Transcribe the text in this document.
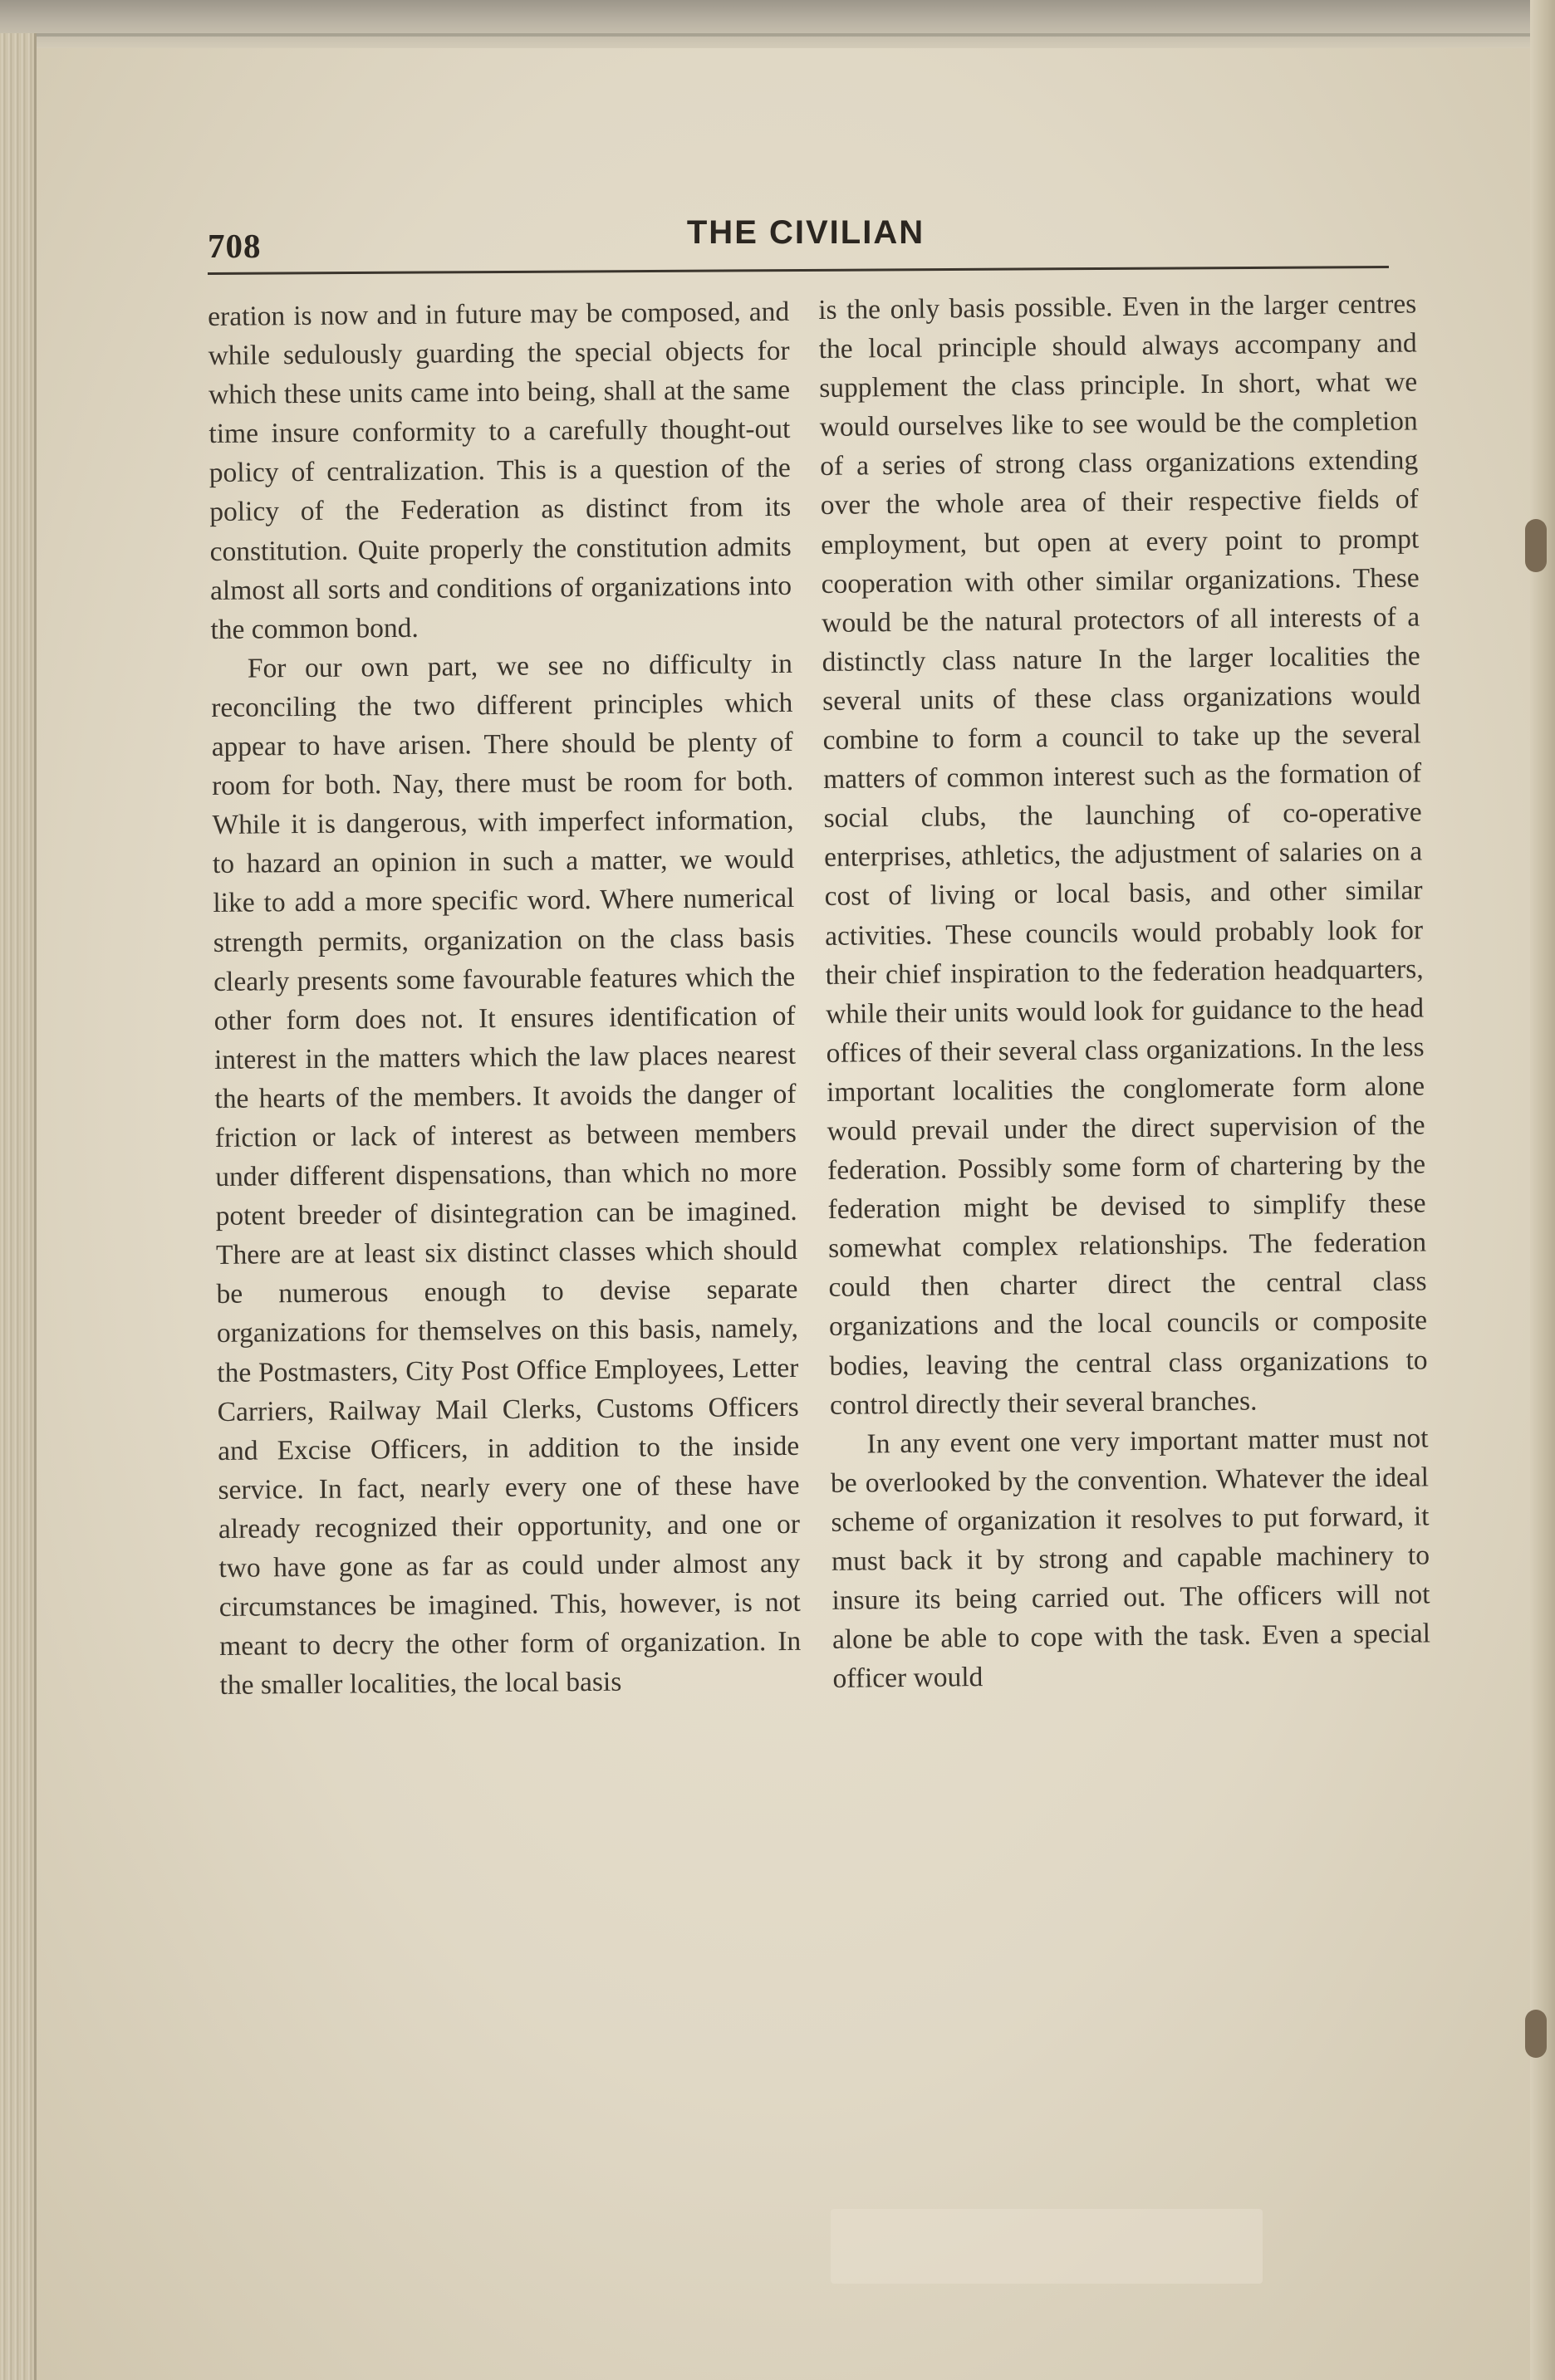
708	THE CIVILIAN

eration is now and in future may be composed, and while sedulously guarding the special objects for which these units came into being, shall at the same time insure conformity to a carefully thought-out policy of centralization. This is a question of the policy of the Federation as distinct from its constitution. Quite properly the constitution admits almost all sorts and conditions of organizations into the common bond.

For our own part, we see no difficulty in reconciling the two different principles which appear to have arisen. There should be plenty of room for both. Nay, there must be room for both. While it is dangerous, with imperfect information, to hazard an opinion in such a matter, we would like to add a more specific word. Where numerical strength permits, organization on the class basis clearly presents some favourable features which the other form does not. It ensures identification of interest in the matters which the law places nearest the hearts of the members. It avoids the danger of friction or lack of interest as between members under different dispensations, than which no more potent breeder of disintegration can be imagined. There are at least six distinct classes which should be numerous enough to devise separate organizations for themselves on this basis, namely, the Postmasters, City Post Office Employees, Letter Carriers, Railway Mail Clerks, Customs Officers and Excise Officers, in addition to the inside service. In fact, nearly every one of these have already recognized their opportunity, and one or two have gone as far as could under almost any circumstances be imagined. This, however, is not meant to decry the other form of organization. In the smaller localities, the local basis

is the only basis possible. Even in the larger centres the local principle should always accompany and supplement the class principle. In short, what we would ourselves like to see would be the completion of a series of strong class organizations extending over the whole area of their respective fields of employment, but open at every point to prompt cooperation with other similar organizations. These would be the natural protectors of all interests of a distinctly class nature In the larger localities the several units of these class organizations would combine to form a council to take up the several matters of common interest such as the formation of social clubs, the launching of co-operative enterprises, athletics, the adjustment of salaries on a cost of living or local basis, and other similar activities. These councils would probably look for their chief inspiration to the federation headquarters, while their units would look for guidance to the head offices of their several class organizations. In the less important localities the conglomerate form alone would prevail under the direct supervision of the federation. Possibly some form of chartering by the federation might be devised to simplify these somewhat complex relationships. The federation could then charter direct the central class organizations and the local councils or composite bodies, leaving the central class organizations to control directly their several branches.

In any event one very important matter must not be overlooked by the convention. Whatever the ideal scheme of organization it resolves to put forward, it must back it by strong and capable machinery to insure its being carried out. The officers will not alone be able to cope with the task. Even a special officer would
